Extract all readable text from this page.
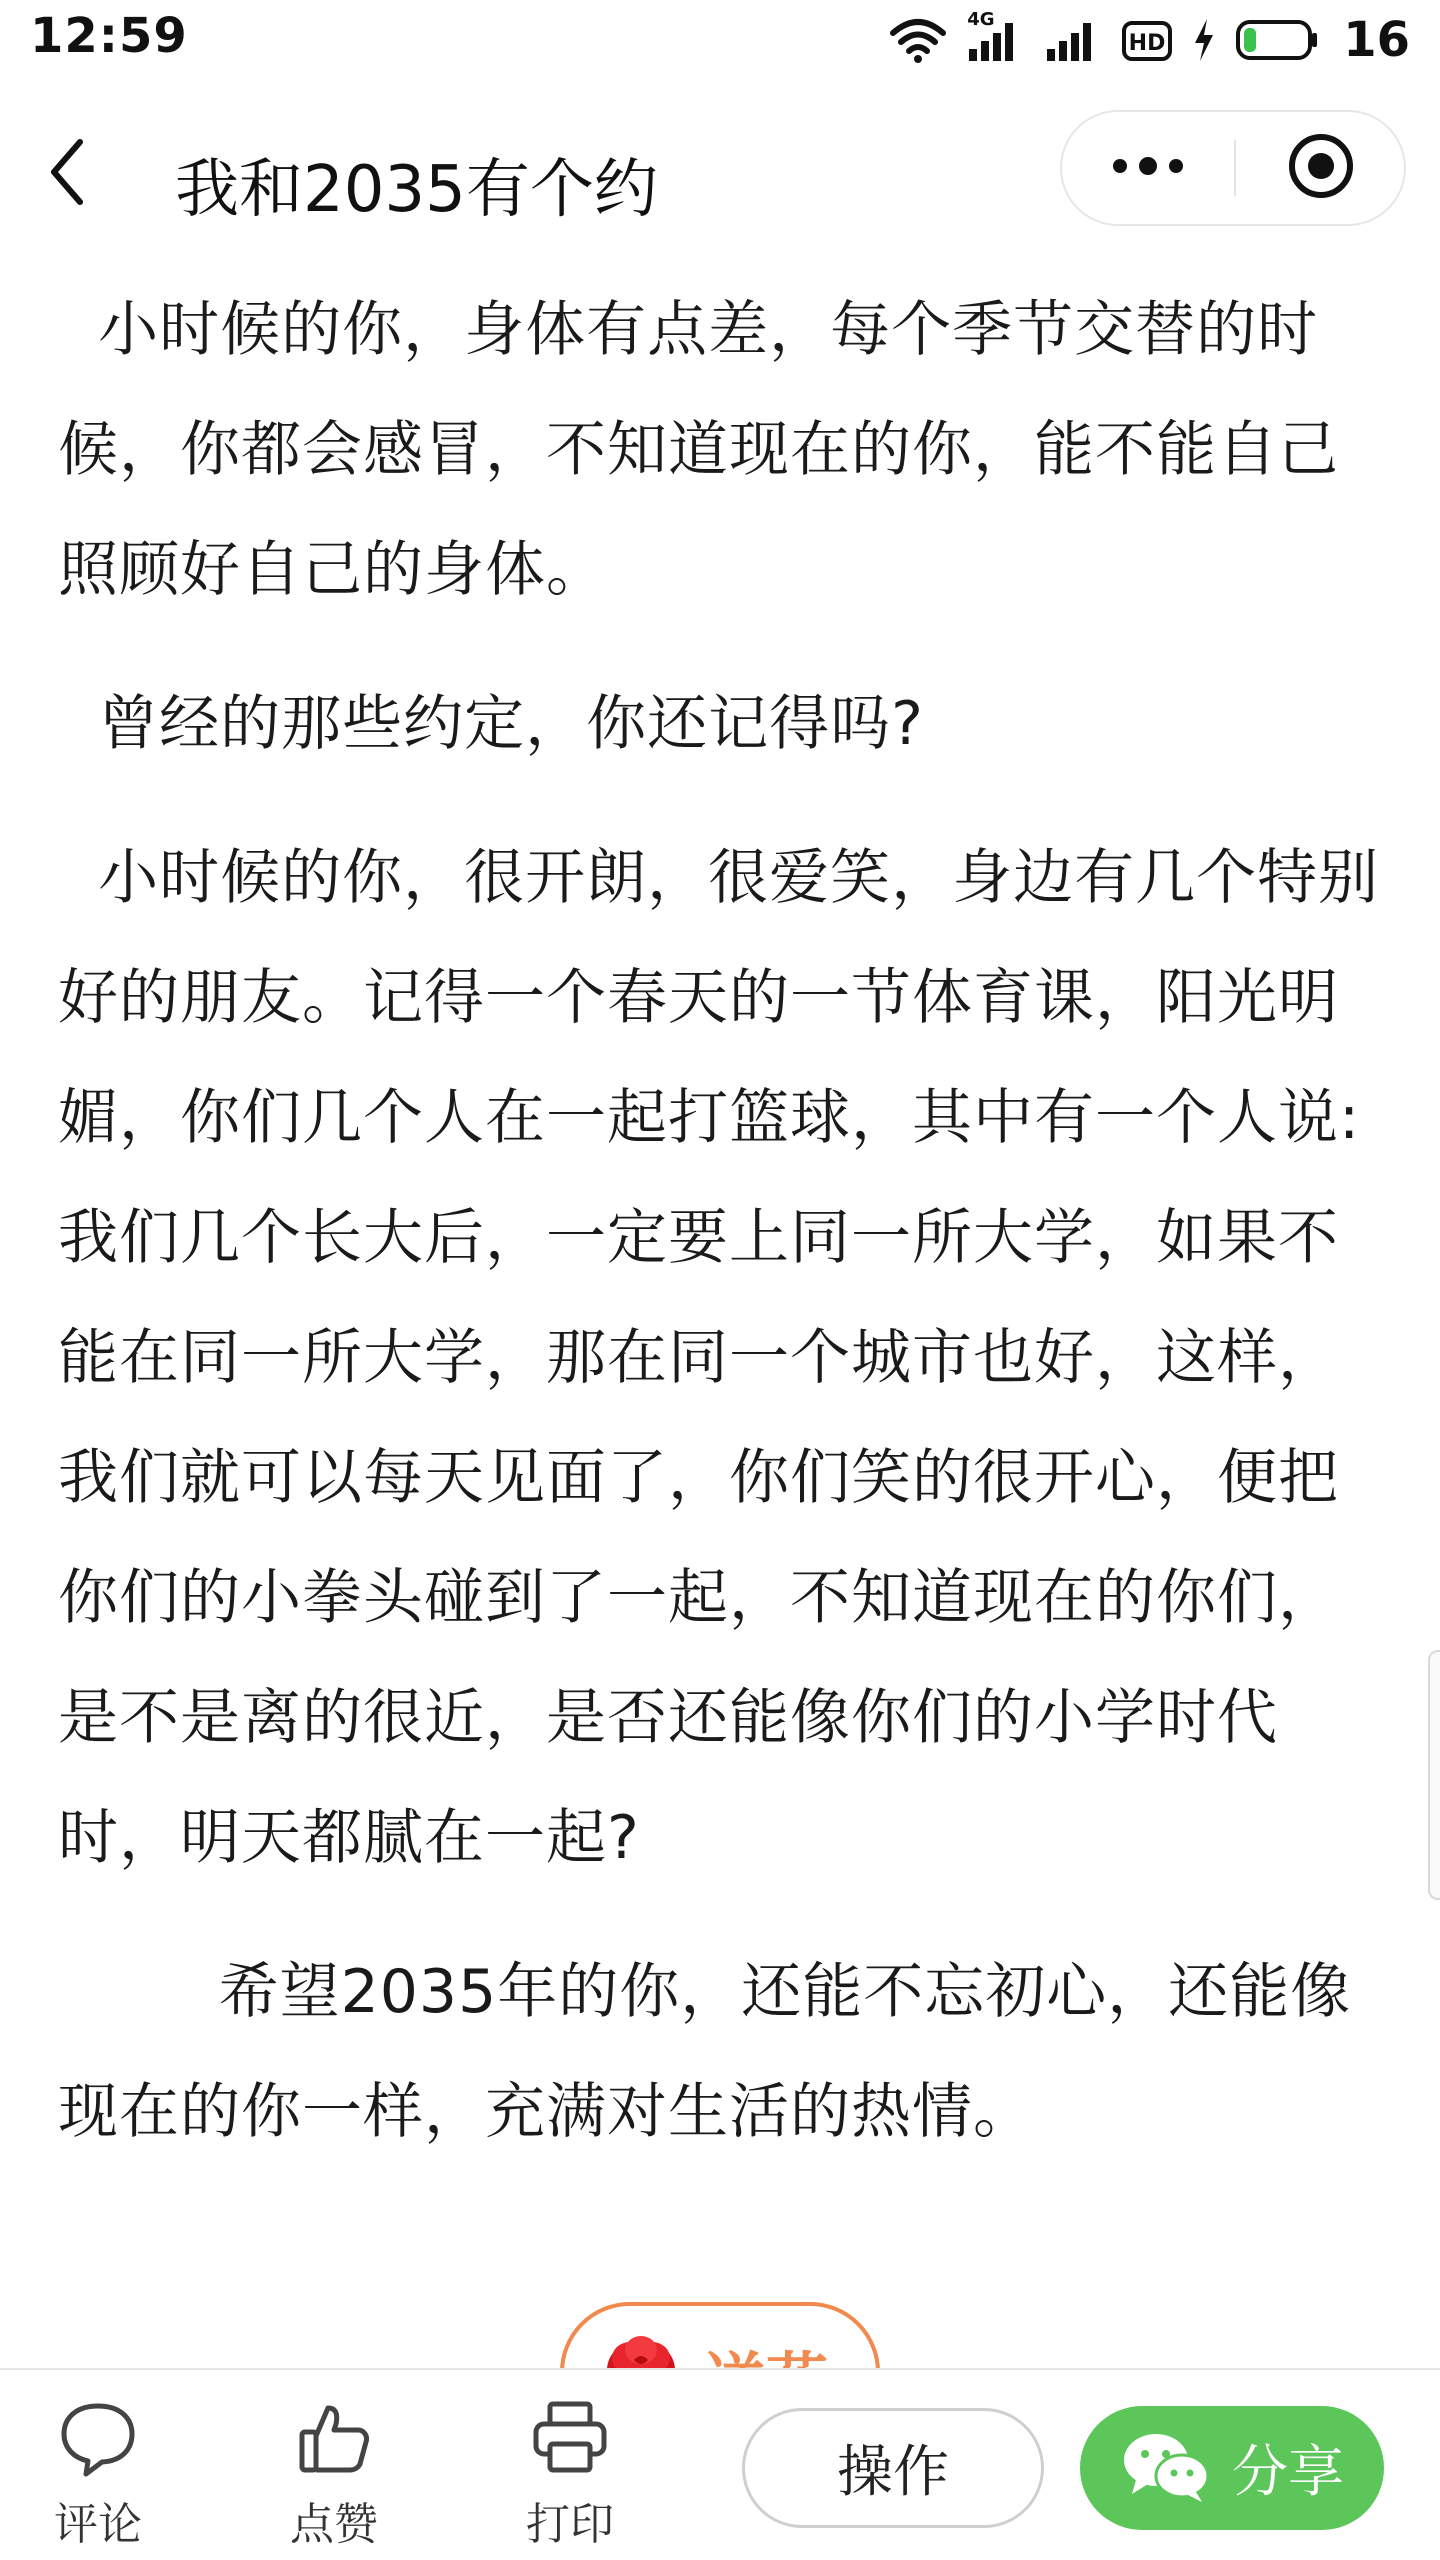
12:59	4G
HD	16
我和2035有个约

小时候的你，身体有点差，每个季节交替的时候，你都会感冒，不知道现在的你，能不能自己照顾好自己的身体。

曾经的那些约定，你还记得吗?

小时候的你，很开朗，很爱笑，身边有几个特别好的朋友。记得一个春天的一节体育课，阳光明媚，你们几个人在一起打篮球，其中有一个人说:我们几个长大后，一定要上同一所大学，如果不能在同一所大学，那在同一个城市也好，这样，我们就可以每天见面了，你们笑的很开心，便把你们的小拳头碰到了一起，不知道现在的你们，是不是离的很近，是否还能像你们的小学时代时，明天都腻在一起?

希望2035年的你，还能不忘初心，还能像现在的你一样，充满对生活的热情。

评论	点赞	打印
操作	分享
